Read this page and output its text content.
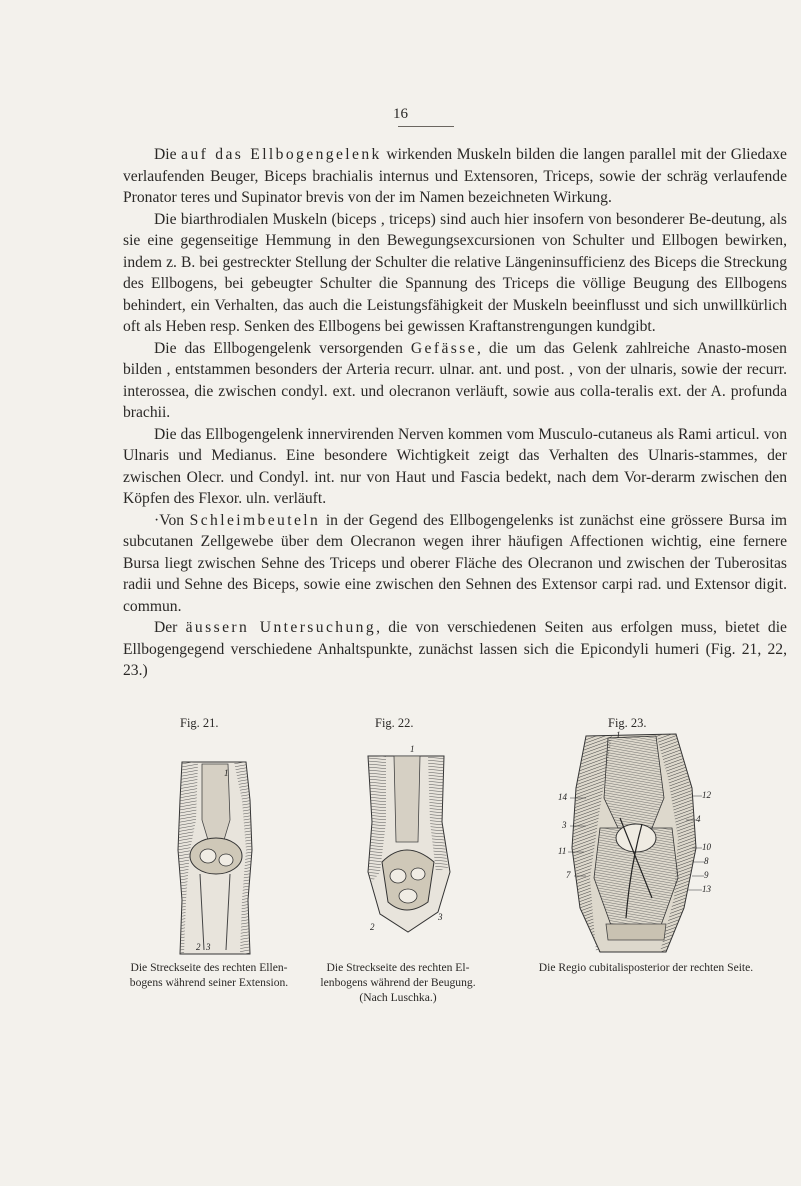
16

Die auf das Ellbogengelenk wirkenden Muskeln bilden die langen parallel mit der Gliedaxe verlaufenden Beuger, Biceps brachialis internus und Extensoren, Triceps, sowie der schräg verlaufende Pronator teres und Supinator brevis von der im Namen bezeichneten Wirkung.

Die biarthrodialen Muskeln (biceps , triceps) sind auch hier insofern von besonderer Be-deutung, als sie eine gegenseitige Hemmung in den Bewegungsexcursionen von Schulter und Ellbogen bewirken, indem z. B. bei gestreckter Stellung der Schulter die relative Längeninsufficienz des Biceps die Streckung des Ellbogens, bei gebeugter Schulter die Spannung des Triceps die völlige Beugung des Ellbogens behindert, ein Verhalten, das auch die Leistungsfähigkeit der Muskeln beeinflusst und sich unwillkürlich oft als Heben resp. Senken des Ellbogens bei gewissen Kraftanstrengungen kundgibt.

Die das Ellbogengelenk versorgenden Gefässe, die um das Gelenk zahlreiche Anasto-mosen bilden , entstammen besonders der Arteria recurr. ulnar. ant. und post. , von der ulnaris, sowie der recurr. interossea, die zwischen condyl. ext. und olecranon verläuft, sowie aus colla-teralis ext. der A. profunda brachii.

Die das Ellbogengelenk innervirenden Nerven kommen vom Musculo-cutaneus als Rami articul. von Ulnaris und Medianus. Eine besondere Wichtigkeit zeigt das Verhalten des Ulnaris-stammes, der zwischen Olecr. und Condyl. int. nur von Haut und Fascia bedekt, nach dem Vor-derarm zwischen den Köpfen des Flexor. uln. verläuft.

·Von Schleimbeuteln in der Gegend des Ellbogengelenks ist zunächst eine grössere Bursa im subcutanen Zellgewebe über dem Olecranon wegen ihrer häufigen Affectionen wichtig, eine fernere Bursa liegt zwischen Sehne des Triceps und oberer Fläche des Olecranon und zwischen der Tuberositas radii und Sehne des Biceps, sowie eine zwischen den Sehnen des Extensor carpi rad. und Extensor digit. commun.

Der äussern Untersuchung, die von verschiedenen Seiten aus erfolgen muss, bietet die Ellbogengegend verschiedene Anhaltspunkte, zunächst lassen sich die Epicondyli humeri (Fig. 21, 22, 23.)

Fig. 21.	Fig. 22.	Fig. 23.
1
2 3
1
2
3
1
14
3
11
7
12
4
10
8
9
13
Die Streckseite des rechten Ellen-bogens während seiner Extension.
Die Streckseite des rechten El-lenbogens während der Beugung. (Nach Luschka.)
Die Regio cubitalisposterior der rechten Seite.
